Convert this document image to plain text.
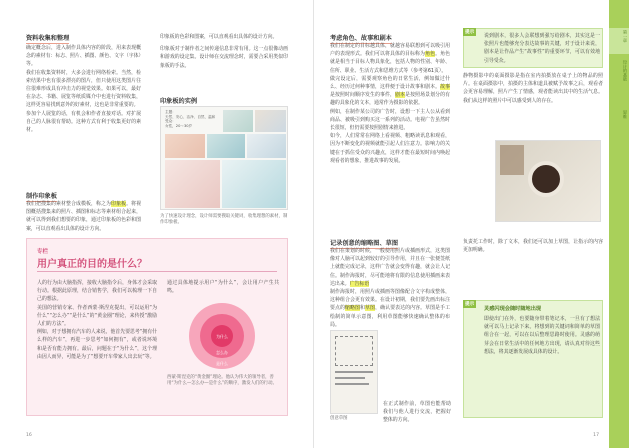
资料收集和整理

确定概念后，进入制作具体内容的阶段，用来表现概念的素材有：标志、照片、插图、颜色、文字（字体）等。

我们在收集资料时，大多会进行网络检索。当然，检索结果中也有很多漂亮的图片，但只使用这类图片往往很难形成具有冲击力的视觉效果。如果可以，最好在杂志、书籍、展览等纸质媒介中也进行资料收集，这样更容易找到意外的好素材，这也是非常重要的。

参加个人展览的话，有机会和作者直接对话。对扩展自己的人脉很有帮助。这种方式有利于收集更好的素材。

制作印象板
我们把搜集的素材整合成模板，称之为印象板。将视图概括搜集来的照片、插图和标志等素材组合起来，就可以得到我们想要的印象，通过印象板的色彩和图案，可以直观看出具体的设计方向。

印象板的色彩和图案，可以直观看出具体的设计方向。

印象板对于制作者之间传递信息非常有用。这一点很像动画和游戏的设定集。设计师在交流理念时，需要合采用类似印象板的手法。

印象板的实例
主题：
天然、安心、洁净、自然、温和
受众：
女性，20～30岁
为了快速设计理念，设计师需要搜取关键词，收集理想的素材，制作印象板。
专栏
用户真正的目的是什么？

人的行为由大脑指挥，接收大脑指令后，身体才会采取行动。根据此原理，结合销售学，我们可以梳理一下自己的想法。

美国的营销专家、作者西蒙·斯涅克提出，可以运用“为什么”“怎么办”“是什么”的“黄金圈”理论，来传授“激励人们的方法”。

例如，对于想拥有汽车的人来说，他首先要思考“拥有什么样的汽车”，再进一步思考“如何拥有”，或者说环境和是否有能力拥有。最后，问题在于“为什么”，这个理由因人而异，可能是为了“想要开车带家人出去玩”等。

通过具体地提示用户“为什么”，会让用户产生共鸣。
为什么
怎么办
是什么
西蒙·斯涅克的“黄金圈”理论。他认为伟大的领导者，善用“为什么—怎么办—是什么”的顺序，激发人们的行动。
16
考虑角色、故事和剧本
我们在制定的目标越具体，就越容易联想到可以吸引用户的表现形式。我们可以将具体的目标称为角色。角色就是相当于目标人物具象化，包括人物的性别、年龄、住所、职业、生活方式和思维方式等（参考第61页）。
做完设定后，需要观察角色的日常生活，例如做过什么、经历过何种事情，这样便于设计故事和剧本。故事是按照时间顺序发生的事件，剧本是按照场景划分的有趣的具象化的文本，通常作为摄影的依据。
例如，在制作某公司的广告时，设想一下主人公从看到商品、被吸引到购买这一系列的活动。电视广告虽然时长很短，但仍需要按照剧情来推进。
如今，人们常常在网络上看视频、粗略读讯息和观看，因为不断变化的视频就能引起人们注意力。影响力的关键在于抓住受众的兴趣点，这样才能在最短时间内唤起观看者的想象，推进故事的发展。
记录创意的缩略图、草图
我们在策划的时候，一般使用照片或插画形式，这类图像对人脑可以起到较好的引导作用，并且在一张便签纸上就能完成记录，这样广告就会变得有趣，就会让人记住。制作海报时，尽可能地将有限的信息使用插画来表达出来。广告标语
制作海报时，用照片或插画等图像配合文字构成整体，这种组合会更有效果。在设计初期，我们要先画出标注要点的缩略图和草图，确认要表达的内容。草图是手工绘制的简单示意图，利用草图能够快速确认整体的布局。
创意草图
在正式制作前，草图也能帮助我们与他人进行交流，把握好整体的方向。
提示
说到剧本，很多人会联想到强写给剧本，其实这是一张照片也能够充分表达故事的关键，对于设计来说，剧本是让作品产生“故事性”的重要环节，可以有效地引导受众。
静物摄影中的桌面摄影是指在室内拍摄放在桌子上的物品的照片。在桌面摄影中，拍摄的主体和道具被赋予故事之后，观看者会更容易理解，照片产生了情感，观者能读出其中的生活气息。我们从这样的照片中可以感受到人的存在。
负责托工作时，除了文本，我们还可以加上草图，让指示的内容更加明确。
提示
灵感闪现会随时随地出现
即使出门在外，也要随身带着笔记本，一旦有了想法就可以马上记录下来。将想到的关键词和简单的草图组合在一起，可以在以后整理思路时使用。灵感的萌芽会在日常生活中的任何地方出现，请认真对待这些想法，将其逐渐发展成具体的设计。
第一章
设计的基础
思维
17
